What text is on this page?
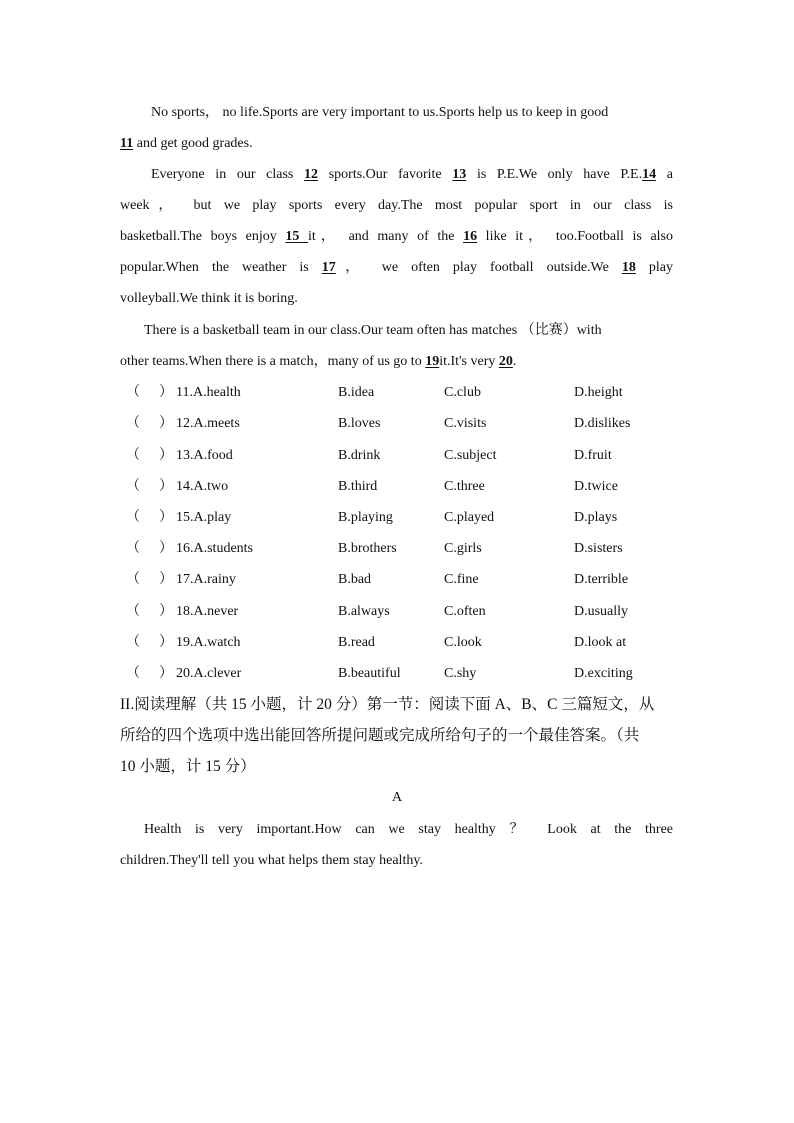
No sports， no life.Sports are very important to us.Sports help us to keep in good
11 and get good grades.
Everyone in our class 12 sports.Our favorite 13 is P.E.We only have P.E.14 a
week， but we play sports every day.The most popular sport in our class is
basketball.The boys enjoy 15 it， and many of the 16 like it， too.Football is also
popular.When the weather is 17， we often play football outside.We 18 play
volleyball.We think it is boring.
There is a basketball team in our class.Our team often has matches （比赛）with
other teams.When there is a match，many of us go to 19it.It's very 20.
（ ） 11.A.health	B.idea	C.club	D.height
（ ） 12.A.meets	B.loves	C.visits	D.dislikes
（ ） 13.A.food	B.drink	C.subject	D.fruit
（ ） 14.A.two	B.third	C.three	D.twice
（ ） 15.A.play	B.playing	C.played	D.plays
（ ） 16.A.students	B.brothers	C.girls	D.sisters
（ ） 17.A.rainy	B.bad	C.fine	D.terrible
（ ） 18.A.never	B.always	C.often	D.usually
（ ） 19.A.watch	B.read	C.look	D.look at
（ ） 20.A.clever	B.beautiful	C.shy	D.exciting
II.阅读理解（共 15 小题，计 20 分）第一节：阅读下面 A、B、C 三篇短文，从
所给的四个选项中选出能回答所提问题或完成所给句子的一个最佳答案。（共
10 小题，计 15 分）
A
Health is very important.How can we stay healthy ？ Look at the three
children.They'll tell you what helps them stay healthy.
